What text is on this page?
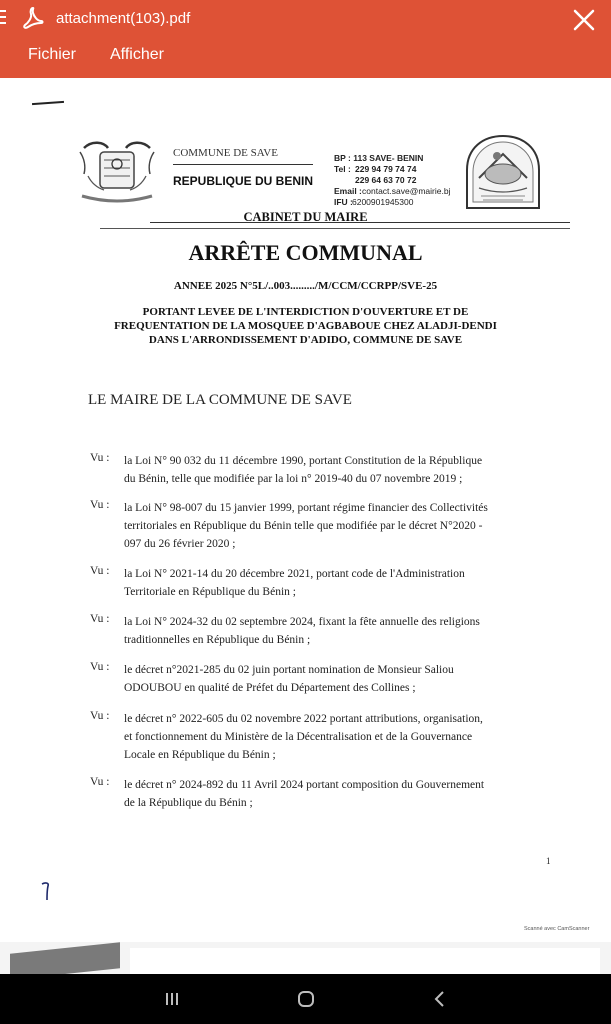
attachment(103).pdf
Fichier Afficher
COMMUNE DE SAVE
REPUBLIQUE DU BENIN
BP : 113 SAVE- BENIN
Tel : 229 94 79 74 74
229 64 63 70 72
Email : contact.save@mairie.bj
IFU : 6200901945300
CABINET DU MAIRE
ARRÊTE COMMUNAL
ANNEE 2025 N°5L/..003........./M/CCM/CCRPP/SVE-25
PORTANT LEVEE DE L'INTERDICTION D'OUVERTURE ET DE
FREQUENTATION DE LA MOSQUEE D'AGBABOUE CHEZ ALADJI-DENDI
DANS L'ARRONDISSEMENT D'ADIDO, COMMUNE DE SAVE
LE MAIRE DE LA COMMUNE DE SAVE
Vu : la Loi N° 90 032 du 11 décembre 1990, portant Constitution de la République
du Bénin, telle que modifiée par la loi n° 2019-40 du 07 novembre 2019 ;
Vu : la Loi N° 98-007 du 15 janvier 1999, portant régime financier des Collectivités
territoriales en République du Bénin telle que modifiée par le décret N°2020 -
097 du 26 février 2020 ;
Vu : la Loi N° 2021-14 du 20 décembre 2021, portant code de l'Administration
Territoriale en République du Bénin ;
Vu : la Loi N° 2024-32 du 02 septembre 2024, fixant la fête annuelle des religions
traditionnelles en République du Bénin ;
Vu : le décret n°2021-285 du 02 juin portant nomination de Monsieur Saliou
ODOUBOU en qualité de Préfet du Département des Collines ;
Vu : le décret n° 2022-605 du 02 novembre 2022 portant attributions, organisation,
et fonctionnement du Ministère de la Décentralisation et de la Gouvernance
Locale en République du Bénin ;
Vu : le décret n° 2024-892 du 11 Avril 2024 portant composition du Gouvernement
de la République du Bénin ;
1
Scanné avec CamScanner
